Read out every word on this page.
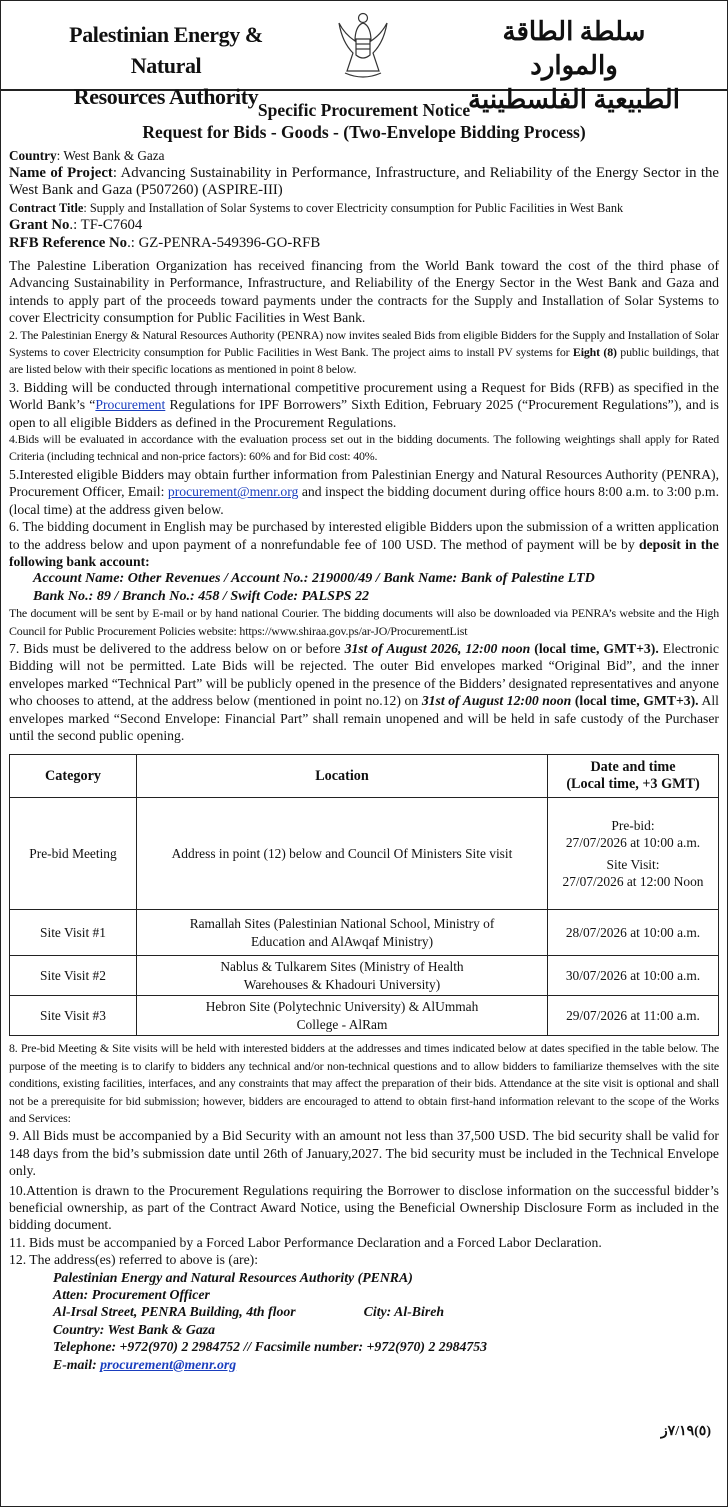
Palestinian Energy & Natural
Resources Authority
سلطة الطاقة والموارد
الطبيعية الفلسطينية
Specific Procurement Notice
Request for Bids - Goods - (Two-Envelope Bidding Process)
Country: West Bank & Gaza
Name of Project: Advancing Sustainability in Performance, Infrastructure, and Reliability of the Energy Sector in the West Bank and Gaza (P507260) (ASPIRE-III)
Contract Title: Supply and Installation of Solar Systems to cover Electricity consumption for Public Facilities in West Bank
Grant No.: TF-C7604
RFB Reference No.: GZ-PENRA-549396-GO-RFB

The Palestine Liberation Organization has received financing from the World Bank toward the cost of the third phase of Advancing Sustainability in Performance, Infrastructure, and Reliability of the Energy Sector in the West Bank and Gaza and intends to apply part of the proceeds toward payments under the contracts for the Supply and Installation of Solar Systems to cover Electricity consumption for Public Facilities in West Bank.

2. The Palestinian Energy & Natural Resources Authority (PENRA) now invites sealed Bids from eligible Bidders for the Supply and Installation of Solar Systems to cover Electricity consumption for Public Facilities in West Bank. The project aims to install PV systems for Eight (8) public buildings, that are listed below with their specific locations as mentioned in point 8 below.

3. Bidding will be conducted through international competitive procurement using a Request for Bids (RFB) as specified in the World Bank’s “Procurement Regulations for IPF Borrowers” Sixth Edition, February 2025 (“Procurement Regulations”), and is open to all eligible Bidders as defined in the Procurement Regulations.

4.Bids will be evaluated in accordance with the evaluation process set out in the bidding documents. The following weightings shall apply for Rated Criteria (including technical and non-price factors): 60% and for Bid cost: 40%.

5.Interested eligible Bidders may obtain further information from Palestinian Energy and Natural Resources Authority (PENRA), Procurement Officer, Email: procurement@menr.org and inspect the bidding document during office hours 8:00 a.m. to 3:00 p.m. (local time) at the address given below.

6. The bidding document in English may be purchased by interested eligible Bidders upon the submission of a written application to the address below and upon payment of a nonrefundable fee of 100 USD. The method of payment will be by deposit in the following bank account:

Account Name: Other Revenues / Account No.: 219000/49 / Bank Name: Bank of Palestine LTD
Bank No.: 89 / Branch No.: 458 / Swift Code: PALSPS 22

The document will be sent by E-mail or by hand national Courier. The bidding documents will also be downloaded via PENRA’s website and the High Council for Public Procurement Policies website: https://www.shiraa.gov.ps/ar-JO/ProcurementList

7. Bids must be delivered to the address below on or before 31st of August 2026, 12:00 noon (local time, GMT+3). Electronic Bidding will not be permitted. Late Bids will be rejected. The outer Bid envelopes marked “Original Bid”, and the inner envelopes marked “Technical Part” will be publicly opened in the presence of the Bidders’ designated representatives and anyone who chooses to attend, at the address below (mentioned in point no.12) on 31st of August 12:00 noon (local time, GMT+3). All envelopes marked “Second Envelope: Financial Part” shall remain unopened and will be held in safe custody of the Purchaser until the second public opening.

Category	Location	Date and time
(Local time, +3 GMT)

Pre-bid Meeting	Address in point (12) below and Council Of Ministers Site visit	Pre-bid:
27/07/2026 at 10:00 a.m.
Site Visit:
27/07/2026 at 12:00 Noon

Site Visit #1	Ramallah Sites (Palestinian National School, Ministry of
Education and AlAwqaf Ministry)	28/07/2026 at 10:00 a.m.
Site Visit #2	Nablus & Tulkarem Sites (Ministry of Health
Warehouses & Khadouri University)	30/07/2026 at 10:00 a.m.
Site Visit #3	Hebron Site (Polytechnic University) & AlUmmah
College - AlRam	29/07/2026 at 11:00 a.m.

8. Pre-bid Meeting & Site visits will be held with interested bidders at the addresses and times indicated below at dates specified in the table below. The purpose of the meeting is to clarify to bidders any technical and/or non-technical questions and to allow bidders to familiarize themselves with the site conditions, existing facilities, interfaces, and any constraints that may affect the preparation of their bids. Attendance at the site visit is optional and shall not be a prerequisite for bid submission; however, bidders are encouraged to attend to obtain first-hand information relevant to the scope of the Works and Services:

9. All Bids must be accompanied by a Bid Security with an amount not less than 37,500 USD. The bid security shall be valid for 148 days from the bid’s submission date until 26th of January,2027. The bid security must be included in the Technical Envelope only.

10.Attention is drawn to the Procurement Regulations requiring the Borrower to disclose information on the successful bidder’s beneficial ownership, as part of the Contract Award Notice, using the Beneficial Ownership Disclosure Form as included in the bidding document.

11. Bids must be accompanied by a Forced Labor Performance Declaration and a Forced Labor Declaration.

12. The address(es) referred to above is (are):

Palestinian Energy and Natural Resources Authority (PENRA)
Atten: Procurement Officer
Al-Irsal Street, PENRA Building, 4th floor	City: Al-Bireh
Country: West Bank & Gaza
Telephone: +972(970) 2 2984752 // Facsimile number: +972(970) 2 2984753
E-mail: procurement@menr.org
(٥)٧/١٩ز
